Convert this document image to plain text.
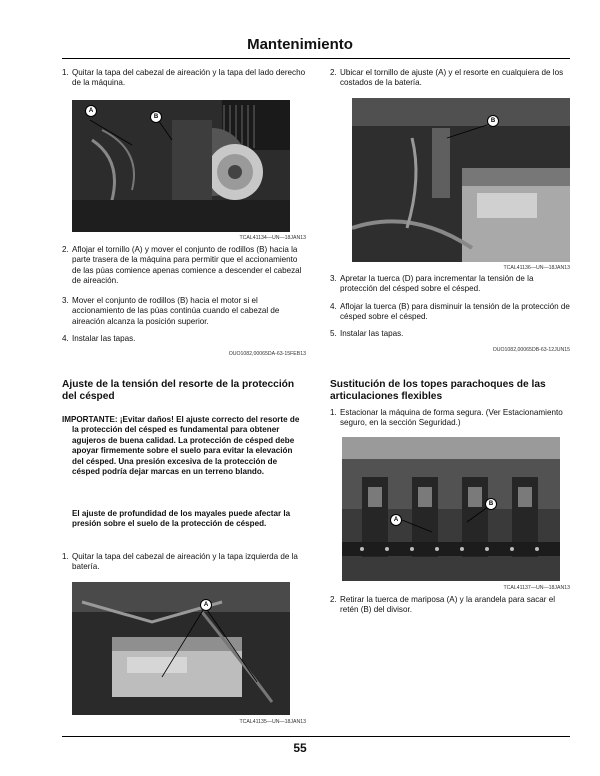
Mantenimiento
1. Quitar la tapa del cabezal de aireación y la tapa del lado derecho de la máquina.
A
B
TCAL41134—UN—18JAN13
2. Aflojar el tornillo (A) y mover el conjunto de rodillos (B) hacia la parte trasera de la máquina para permitir que el accionamiento de las púas comience apenas comience a descender el cabezal de aireación.
3. Mover el conjunto de rodillos (B) hacia el motor si el accionamiento de las púas continúa cuando el cabezal de aireación alcanza la posición superior.
4. Instalar las tapas.
OUO1082,00065DA-63-15FEB13
Ajuste de la tensión del resorte de la protección del césped
IMPORTANTE: ¡Evitar daños! El ajuste correcto del resorte de la protección del césped es fundamental para obtener agujeros de buena calidad. La protección de césped debe apoyar firmemente sobre el suelo para evitar la elevación del césped. Una presión excesiva de la protección de césped podría dejar marcas en un terreno blando.
El ajuste de profundidad de los mayales puede afectar la presión sobre el suelo de la protección de césped.
1. Quitar la tapa del cabezal de aireación y la tapa izquierda de la batería.
A
TCAL41135—UN—18JAN13
2. Ubicar el tornillo de ajuste (A) y el resorte en cualquiera de los costados de la batería.
B
TCAL41136—UN—18JAN13
3. Apretar la tuerca (D) para incrementar la tensión de la protección del césped sobre el césped.
4. Aflojar la tuerca (B) para disminuir la tensión de la protección de césped sobre el césped.
5. Instalar las tapas.
OUO1082,00065DB-63-12JUN15
Sustitución de los topes parachoques de las articulaciones flexibles
1. Estacionar la máquina de forma segura. (Ver Estacionamiento seguro, en la sección Seguridad.)
B
A
TCAL41137—UN—18JAN13
2. Retirar la tuerca de mariposa (A) y la arandela para sacar el retén (B) del divisor.
55
